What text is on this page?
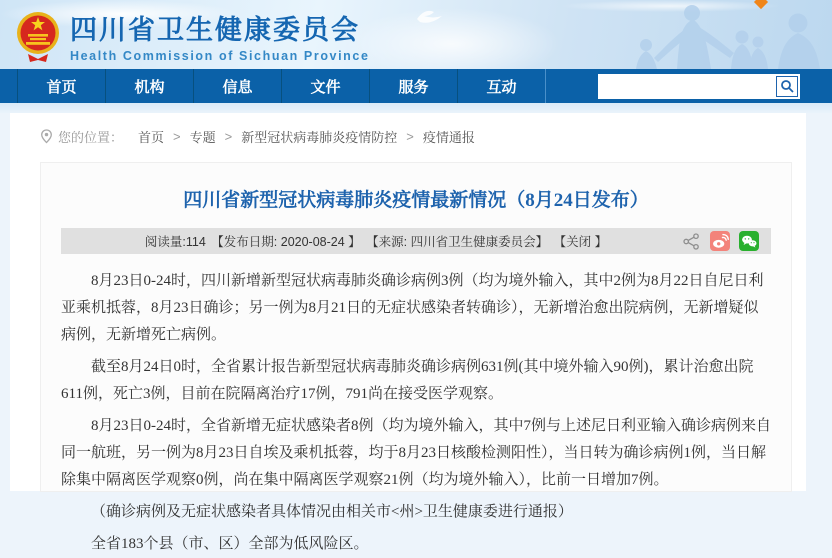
四川省卫生健康委员会
Health Commission of Sichuan Province
首页	机构	信息	文件	服务	互动
您的位置： 首页 > 专题 > 新型冠状病毒肺炎疫情防控 > 疫情通报
四川省新型冠状病毒肺炎疫情最新情况（8月24日发布）
阅读量:114 【发布日期: 2020-08-24 】 【来源: 四川省卫生健康委员会】 【关闭 】

8月23日0-24时，四川新增新型冠状病毒肺炎确诊病例3例（均为境外输入，其中2例为8月22日自尼日利亚乘机抵蓉，8月23日确诊；另一例为8月21日的无症状感染者转确诊），无新增治愈出院病例，无新增疑似病例，无新增死亡病例。

截至8月24日0时，全省累计报告新型冠状病毒肺炎确诊病例631例(其中境外输入90例)，累计治愈出院611例，死亡3例，目前在院隔离治疗17例，791尚在接受医学观察。

8月23日0-24时，全省新增无症状感染者8例（均为境外输入，其中7例与上述尼日利亚输入确诊病例来自同一航班，另一例为8月23日自埃及乘机抵蓉，均于8月23日核酸检测阳性），当日转为确诊病例1例，当日解除集中隔离医学观察0例，尚在集中隔离医学观察21例（均为境外输入），比前一日增加7例。

（确诊病例及无症状感染者具体情况由相关市<州>卫生健康委进行通报）

全省183个县（市、区）全部为低风险区。
